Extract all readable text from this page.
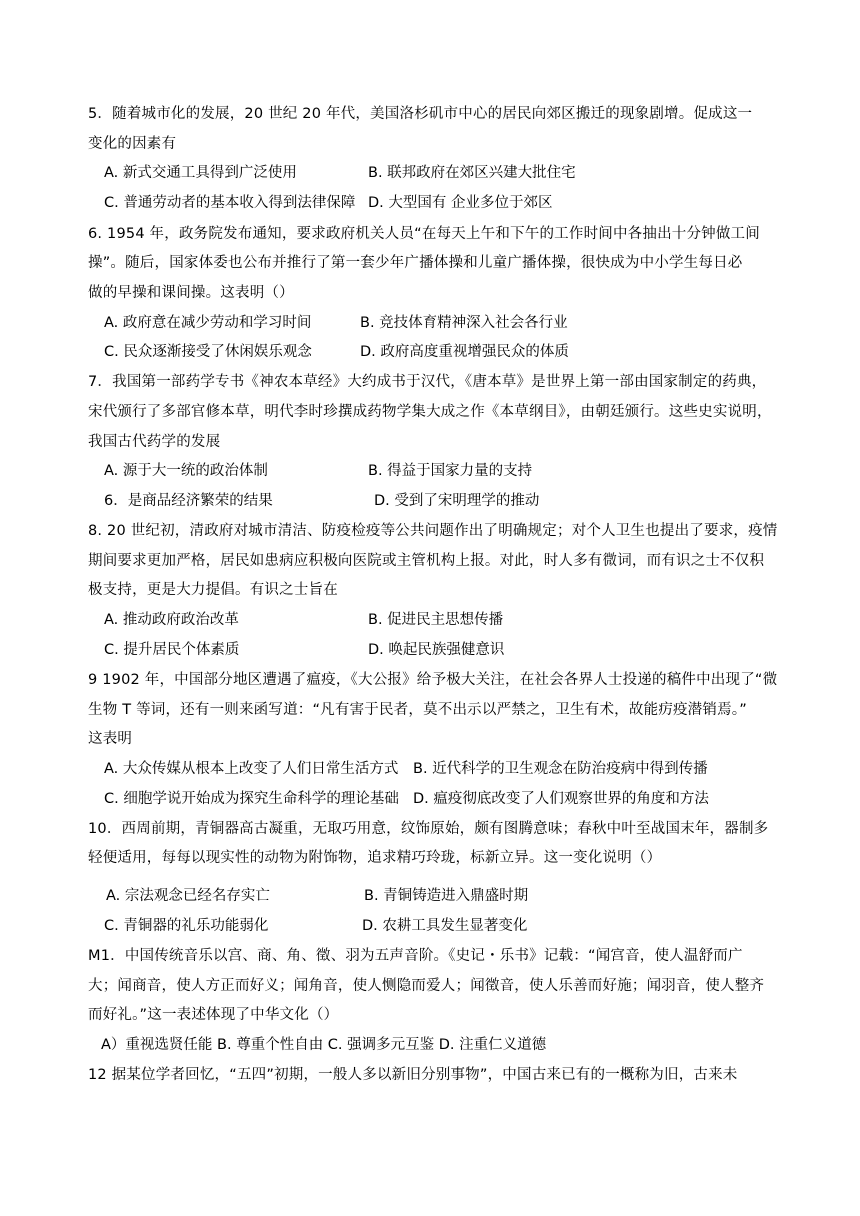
5．随着城市化的发展，20 世纪 20 年代，美国洛杉矶市中心的居民向郊区搬迁的现象剧增。促成这一
变化的因素有
A. 新式交通工具得到广泛使用	B. 联邦政府在郊区兴建大批住宅
C. 普通劳动者的基本收入得到法律保障 D. 大型国有 企业多位于郊区
6. 1954 年，政务院发布通知，要求政府机关人员“在每天上午和下午的工作时间中各抽出十分钟做工间
操”。随后，国家体委也公布并推行了第一套少年广播体操和儿童广播体操，很快成为中小学生每日必
做的早操和课间操。这表明（）
A. 政府意在减少劳动和学习时间	B. 竞技体育精神深入社会各行业
C. 民众逐渐接受了休闲娱乐观念	D. 政府高度重视增强民众的体质
7．我国第一部药学专书《神农本草经》大约成书于汉代，《唐本草》是世界上第一部由国家制定的药典，
宋代颁行了多部官修本草，明代李时珍撰成药物学集大成之作《本草纲目》，由朝廷颁行。这些史实说明，
我国古代药学的发展
A. 源于大一统的政治体制	B. 得益于国家力量的支持
6．是商品经济繁荣的结果	D. 受到了宋明理学的推动
8. 20 世纪初，清政府对城市清洁、防疫检疫等公共问题作出了明确规定；对个人卫生也提出了要求，疫情
期间要求更加严格，居民如患病应积极向医院或主管机构上报。对此，时人多有微词，而有识之士不仅积
极支持，更是大力提倡。有识之士旨在
A. 推动政府政治改革	B. 促进民主思想传播
C. 提升居民个体素质	D. 唤起民族强健意识
9 1902 年，中国部分地区遭遇了瘟疫，《大公报》给予极大关注，在社会各界人士投递的稿件中出现了“微
生物 T 等词，还有一则来函写道：“凡有害于民者，莫不出示以严禁之，卫生有术，故能疠疫潜销焉。”
这表明
A. 大众传媒从根本上改变了人们日常生活方式 B. 近代科学的卫生观念在防治疫病中得到传播
C. 细胞学说开始成为探究生命科学的理论基础 D. 瘟疫彻底改变了人们观察世界的角度和方法
10．西周前期，青铜器高古凝重，无取巧用意，纹饰原始，颇有图腾意味；春秋中叶至战国末年，器制多
轻便适用，每每以现实性的动物为附饰物，追求精巧玲珑，标新立异。这一变化说明（）
A. 宗法观念已经名存实亡	B. 青铜铸造进入鼎盛时期
C. 青铜器的礼乐功能弱化	D. 农耕工具发生显著变化
M1．中国传统音乐以宫、商、角、徵、羽为五声音阶。《史记・乐书》记载：“闻宫音，使人温舒而广
大；闻商音，使人方正而好义；闻角音，使人恻隐而爱人；闻徵音，使人乐善而好施；闻羽音，使人整齐
而好礼。”这一表述体现了中华文化（）
A）重视选贤任能 B. 尊重个性自由 C. 强调多元互鉴 D. 注重仁义道德
12 据某位学者回忆，“五四”初期，一般人多以新旧分别事物”，中国古来已有的一概称为旧，古来未
